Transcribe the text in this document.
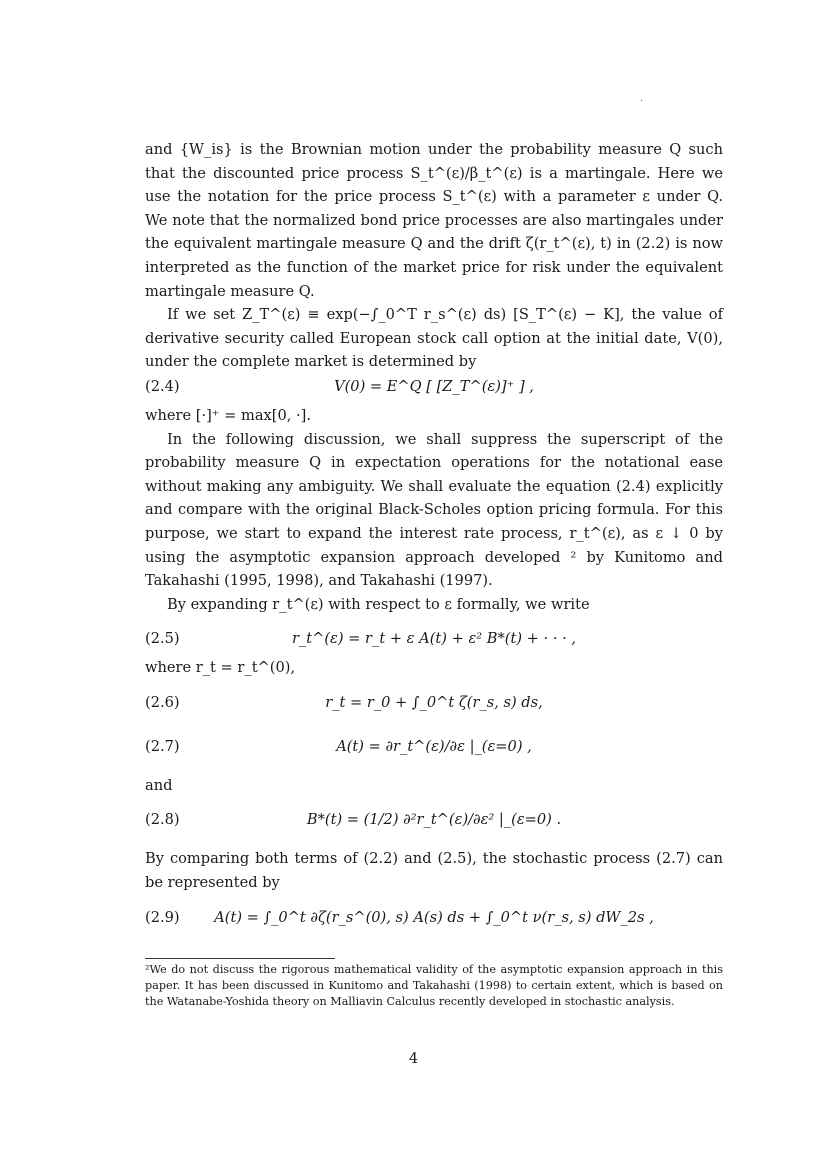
·

and {W_is} is the Brownian motion under the probability measure Q such that the discounted price process S_t^(ε)/β_t^(ε) is a martingale. Here we use the notation for the price process S_t^(ε) with a parameter ε under Q. We note that the normalized bond price processes are also martingales under the equivalent martingale measure Q and the drift ζ(r_t^(ε), t) in (2.2) is now interpreted as the function of the market price for risk under the equivalent martingale measure Q.

If we set Z_T^(ε) ≡ exp(−∫_0^T r_s^(ε) ds) [S_T^(ε) − K], the value of derivative security called European stock call option at the initial date, V(0), under the complete market is determined by

(2.4)	V(0) = E^Q [ [Z_T^(ε)]⁺ ] ,

where [·]⁺ = max[0, ·].

In the following discussion, we shall suppress the superscript of the probability measure Q in expectation operations for the notational ease without making any ambiguity. We shall evaluate the equation (2.4) explicitly and compare with the original Black-Scholes option pricing formula. For this purpose, we start to expand the interest rate process, r_t^(ε), as ε ↓ 0 by using the asymptotic expansion approach developed ² by Kunitomo and Takahashi (1995, 1998), and Takahashi (1997).

By expanding r_t^(ε) with respect to ε formally, we write

(2.5)	r_t^(ε) = r_t + ε A(t) + ε² B*(t) + · · · ,

where r_t = r_t^(0),

(2.6)	r_t = r_0 + ∫_0^t ζ(r_s, s) ds,
(2.7)	A(t) = ∂r_t^(ε)/∂ε |_(ε=0) ,

and

(2.8)	B*(t) = (1/2) ∂²r_t^(ε)/∂ε² |_(ε=0) .

By comparing both terms of (2.2) and (2.5), the stochastic process (2.7) can be represented by

(2.9)	A(t) = ∫_0^t ∂ζ(r_s^(0), s) A(s) ds + ∫_0^t ν(r_s, s) dW_2s ,
²We do not discuss the rigorous mathematical validity of the asymptotic expansion approach in this paper. It has been discussed in Kunitomo and Takahashi (1998) to certain extent, which is based on the Watanabe-Yoshida theory on Malliavin Calculus recently developed in stochastic analysis.
4
